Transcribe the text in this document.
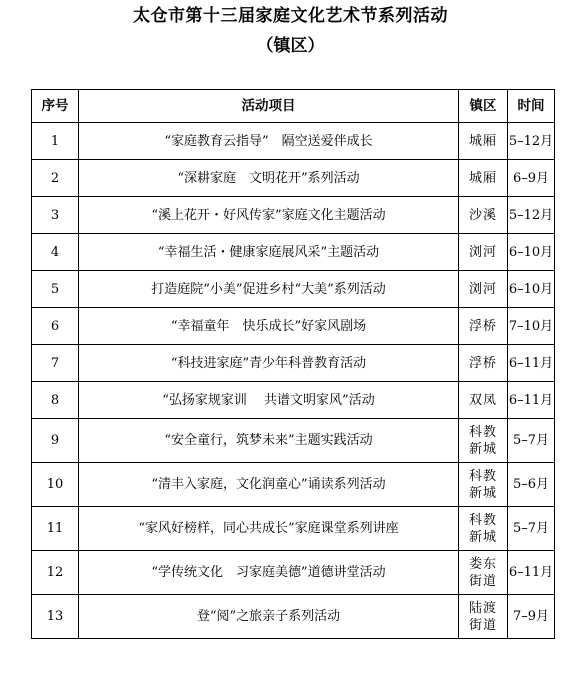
太仓市第十三届家庭文化艺术节系列活动
（镇区）
序号	活动项目	镇区	时间
1	“家庭教育云指导”　隔空送爱伴成长	城厢	5–12月
2	“深耕家庭　文明花开”系列活动	城厢	6–9月
3	“溪上花开・好风传家”家庭文化主题活动	沙溪	5–12月
4	“幸福生活・健康家庭展风采”主题活动	浏河	6–10月
5	打造庭院“小美”促进乡村“大美”系列活动	浏河	6–10月
6	“幸福童年　快乐成长”好家风剧场	浮桥	7–10月
7	“科技进家庭”青少年科普教育活动	浮桥	6–11月
8	“弘扬家规家训　 共谱文明家风”活动	双凤	6–11月
9	“安全童行，筑梦未来”主题实践活动	科教新城	5–7月
10	“清丰入家庭，文化润童心”诵读系列活动	科教新城	5–6月
11	“家风好榜样，同心共成长”家庭课堂系列讲座	科教新城	5–7月
12	“学传统文化　习家庭美德”道德讲堂活动	娄东街道	6–11月
13	登“阅”之旅亲子系列活动	陆渡街道	7–9月
